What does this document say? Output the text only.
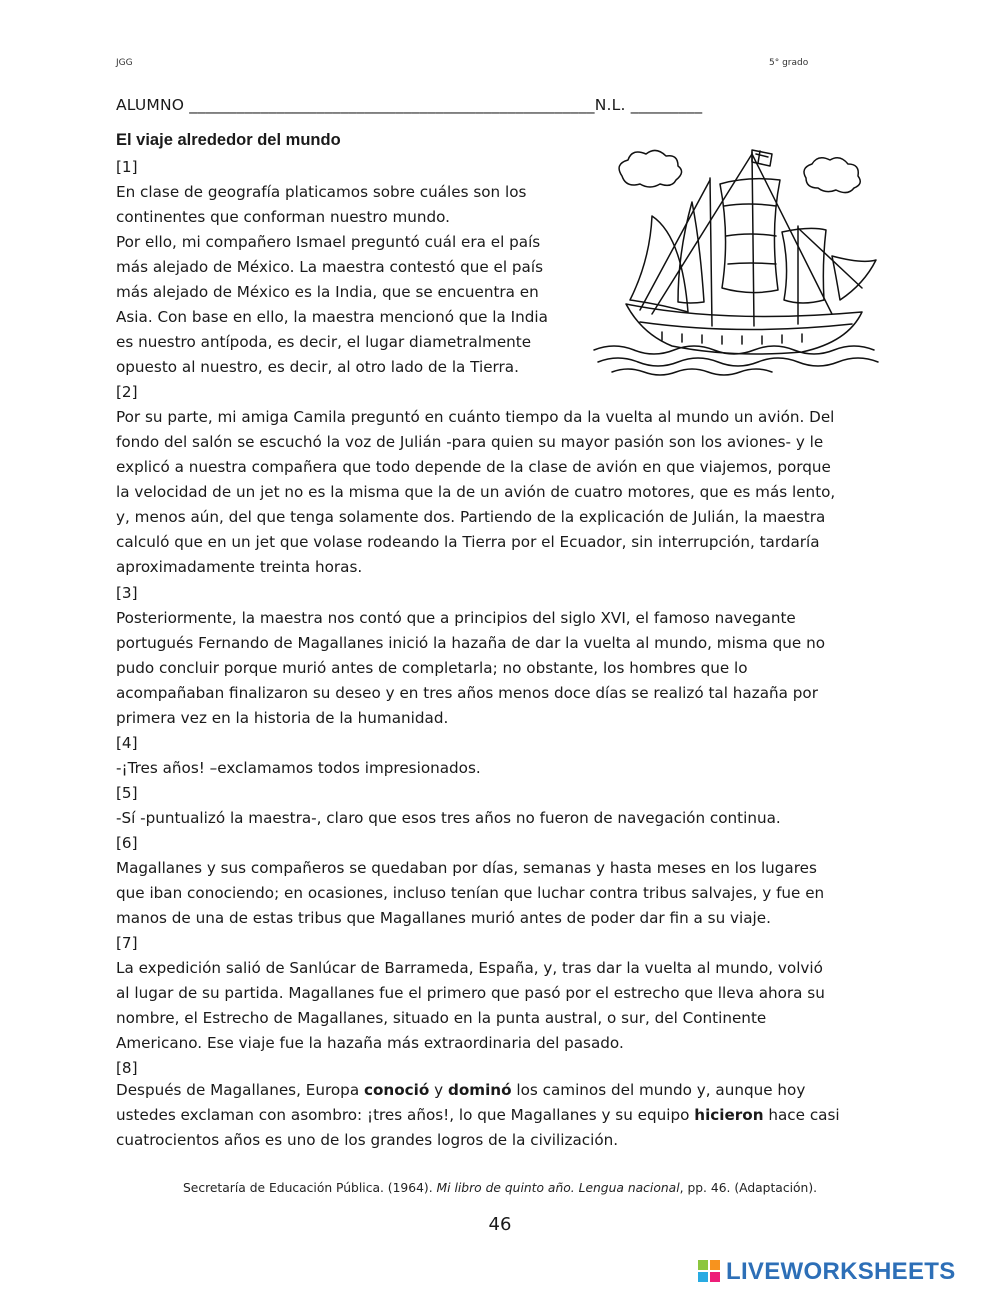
JGG	5° grado
ALUMNO ___________________________________________________N.L. _________
El viaje alrededor del mundo
[1]
En clase de geografía platicamos sobre cuáles son los
continentes que conforman nuestro mundo.
Por ello, mi compañero Ismael preguntó cuál era el país
más alejado de México. La maestra contestó que el país
más alejado de México es la India, que se encuentra en
Asia. Con base en ello, la maestra mencionó que la India
es nuestro antípoda, es decir, el lugar diametralmente
opuesto al nuestro, es decir, al otro lado de la Tierra.
[2]
Por su parte, mi amiga Camila preguntó en cuánto tiempo da la vuelta al mundo un avión. Del
fondo del salón se escuchó la voz de Julián -para quien su mayor pasión son los aviones- y le
explicó a nuestra compañera que todo depende de la clase de avión en que viajemos, porque
la velocidad de un jet no es la misma que la de un avión de cuatro motores, que es más lento,
y, menos aún, del que tenga solamente dos. Partiendo de la explicación de Julián, la maestra
calculó que en un jet que volase rodeando la Tierra por el Ecuador, sin interrupción, tardaría
aproximadamente treinta horas.
[3]
Posteriormente, la maestra nos contó que a principios del siglo XVI, el famoso navegante
portugués Fernando de Magallanes inició la hazaña de dar la vuelta al mundo, misma que no
pudo concluir porque murió antes de completarla; no obstante, los hombres que lo
acompañaban finalizaron su deseo y en tres años menos doce días se realizó tal hazaña por
primera vez en la historia de la humanidad.
[4]
-¡Tres años! –exclamamos todos impresionados.
[5]
-Sí -puntualizó la maestra-, claro que esos tres años no fueron de navegación continua.
[6]
Magallanes y sus compañeros se quedaban por días, semanas y hasta meses en los lugares
que iban conociendo; en ocasiones, incluso tenían que luchar contra tribus salvajes, y fue en
manos de una de estas tribus que Magallanes murió antes de poder dar fin a su viaje.
[7]
La expedición salió de Sanlúcar de Barrameda, España, y, tras dar la vuelta al mundo, volvió
al lugar de su partida. Magallanes fue el primero que pasó por el estrecho que lleva ahora su
nombre, el Estrecho de Magallanes, situado en la punta austral, o sur, del Continente
Americano. Ese viaje fue la hazaña más extraordinaria del pasado.
[8]
Después de Magallanes, Europa conoció y dominó los caminos del mundo y, aunque hoy
ustedes exclaman con asombro: ¡tres años!, lo que Magallanes y su equipo hicieron hace casi
cuatrocientos años es uno de los grandes logros de la civilización.
Secretaría de Educación Pública. (1964). Mi libro de quinto año. Lengua nacional, pp. 46. (Adaptación).
46
LIVEWORKSHEETS
